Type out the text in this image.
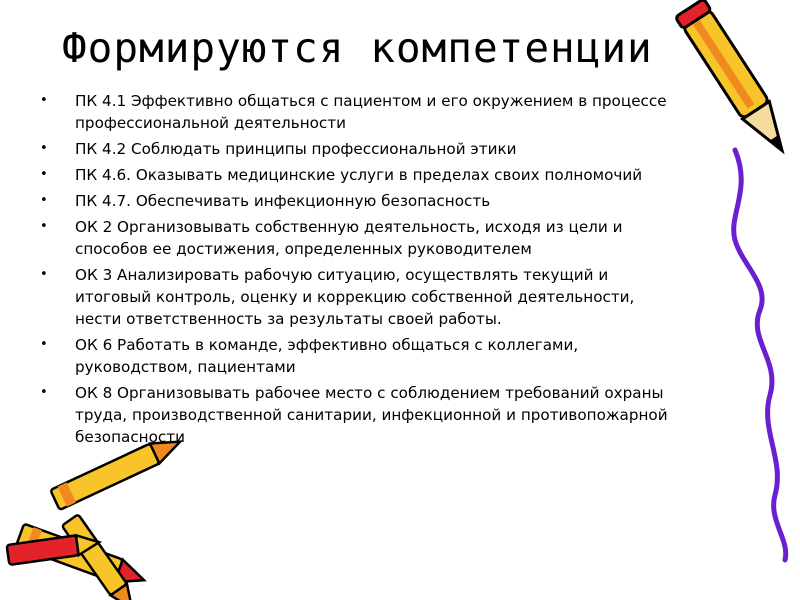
Формируются компетенции
• ПК 4.1 Эффективно общаться с пациентом и его окружением в процессе профессиональной деятельности
• ПК 4.2 Соблюдать принципы профессиональной этики
• ПК 4.6. Оказывать медицинские услуги в пределах своих полномочий
• ПК 4.7. Обеспечивать инфекционную безопасность
• ОК 2 Организовывать собственную деятельность, исходя из цели и способов ее достижения, определенных руководителем
• ОК 3 Анализировать рабочую ситуацию, осуществлять текущий и итоговый контроль, оценку и коррекцию собственной деятельности, нести ответственность за результаты своей работы.
• ОК 6 Работать в команде, эффективно общаться с коллегами, руководством, пациентами
• ОК 8 Организовывать рабочее место с соблюдением требований охраны труда, производственной санитарии, инфекционной и противопожарной безопасности
